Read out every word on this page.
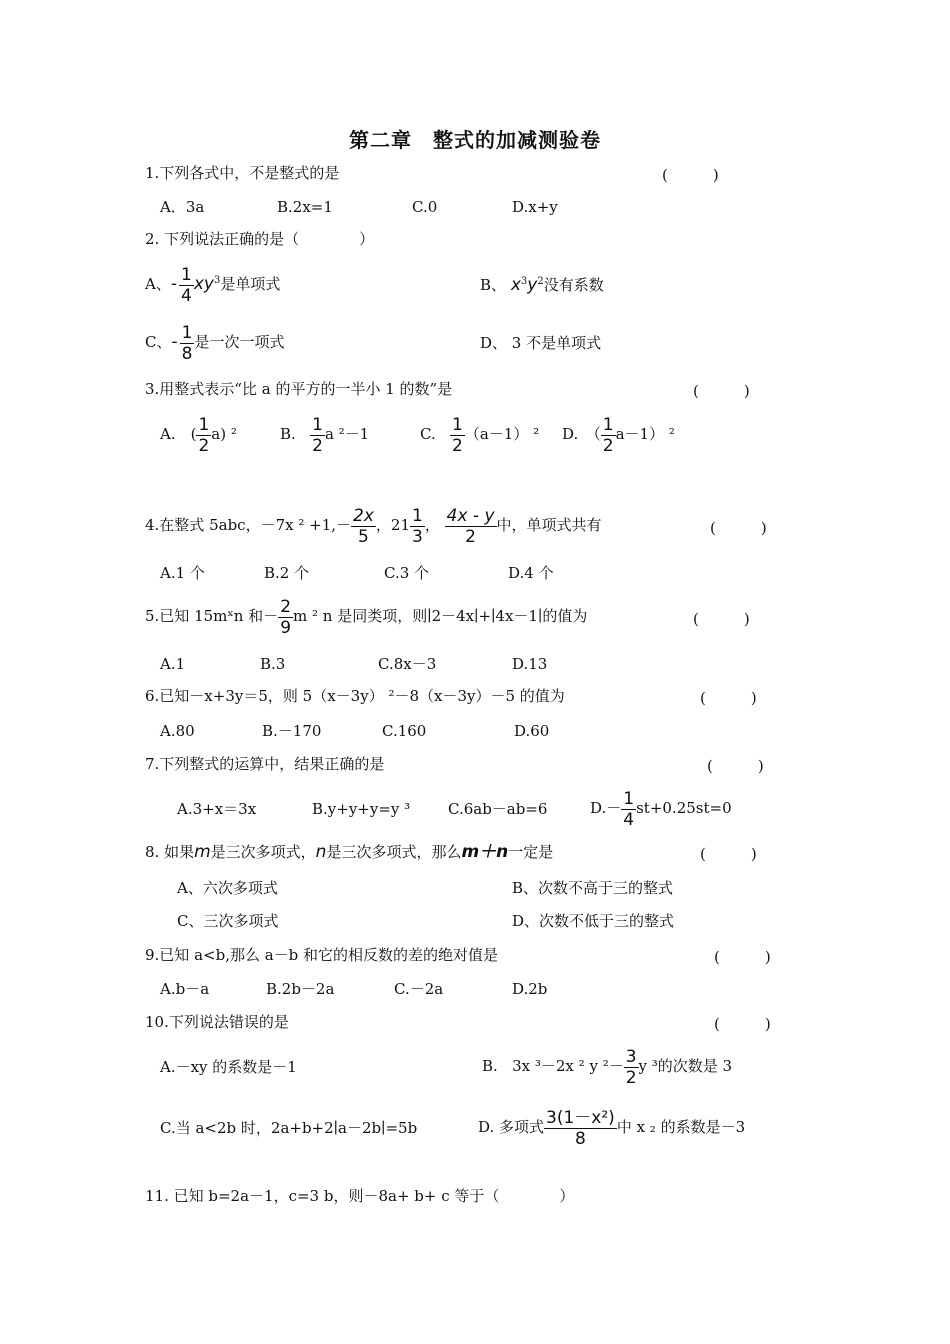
第二章　整式的加减测验卷
1.下列各式中，不是整式的是	(　　　)
A．3a	B.2x=1	C.0	D.x+y
2. 下列说法正确的是（　　　　）
A、- $\frac{1}{4} xy^3$是单项式	B、 $x^3y^2$没有系数
C、- $\frac{1}{8}$ 是一次一项式	D、 3 不是单项式
3.用整式表示“比 a 的平方的一半小 1 的数”是	(　　　)
A.　( $\frac{1}{2} a$) ²	B. $\frac{1}{2}$ a ²－1	C. $\frac{1}{2} (a-1)$ ² D.　（ $\frac{1}{2} a-1$） ²
4.在整式 5abc，－7x $^2 +1,- \frac{2x}{5}$ ，$21 \frac{1}{3}$ ， $\frac{4x - y}{2}$ 中，单项式共有	(　　　)
A.1 个	B.2 个	C.3 个	D.4 个
5.已知 15mˣn 和－ $\frac{2}{9}$ m ² n 是同类项，则∣2－4x∣+∣4x－1∣的值为	(　　　)
A.1	B.3	C.8x－3	D.13
6.已知－x+3y＝5，则 5（x－3y） ²－8（x－3y）－5 的值为	(　　　)
A.80	B.－170	C.160	D.60
7.下列整式的运算中，结果正确的是	(　　　)
A.3+x＝3x	B.y+y+y=y ³	C.6ab－ab=6	$D.- \frac{1}{4} st+0.25st=0$
8. 如果m是三次多项式，n是三次多项式，那么m＋n一定是	(　　　)
A、六次多项式	B、次数不高于三的整式
C、三次多项式	D、次数不低于三的整式
9.已知 a<b,那么 a－b 和它的相反数的差的绝对值是	(　　　)
A.b－a	B.2b－2a	C.－2a	D.2b
10.下列说法错误的是	(　　　)
A.－xy 的系数是－1	B. 3x ³－2x ² y $^2- \frac{3}{2}$ y ³的次数是 3
C.当 a<2b 时，2a+b+2∣a－2b∣=5b	D. 多项式 $\frac{\text{3(1－x²)}}{8}$ 中 x ₂ 的系数是－3
11. 已知 b=2a－1，c=3 b，则－8a+ b+ c 等于（　　　　）
